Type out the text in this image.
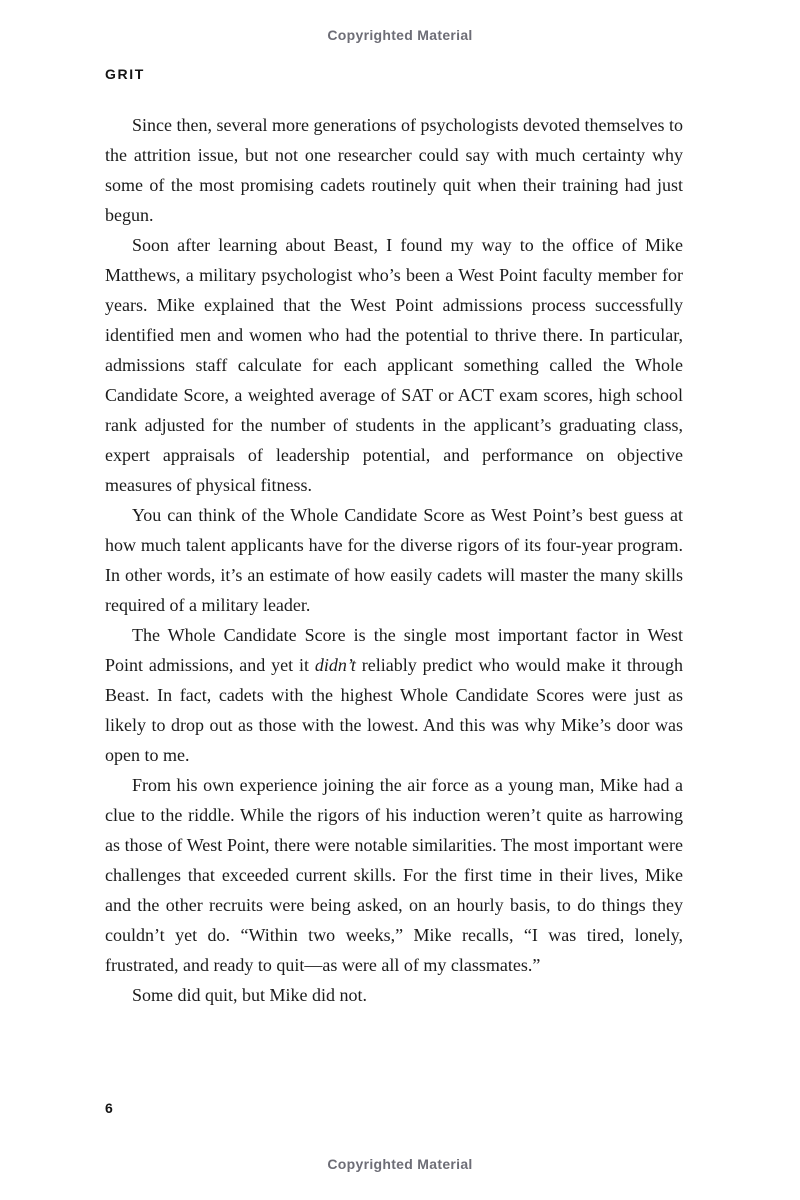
Copyrighted Material
GRIT

Since then, several more generations of psychologists devoted themselves to the attrition issue, but not one researcher could say with much certainty why some of the most promising cadets routinely quit when their training had just begun.

Soon after learning about Beast, I found my way to the office of Mike Matthews, a military psychologist who’s been a West Point faculty member for years. Mike explained that the West Point admissions process successfully identified men and women who had the potential to thrive there. In particular, admissions staff calculate for each applicant something called the Whole Candidate Score, a weighted average of SAT or ACT exam scores, high school rank adjusted for the number of students in the applicant’s graduating class, expert appraisals of leadership potential, and performance on objective measures of physical fitness.

You can think of the Whole Candidate Score as West Point’s best guess at how much talent applicants have for the diverse rigors of its four-year program. In other words, it’s an estimate of how easily cadets will master the many skills required of a military leader.

The Whole Candidate Score is the single most important factor in West Point admissions, and yet it didn’t reliably predict who would make it through Beast. In fact, cadets with the highest Whole Candidate Scores were just as likely to drop out as those with the lowest. And this was why Mike’s door was open to me.

From his own experience joining the air force as a young man, Mike had a clue to the riddle. While the rigors of his induction weren’t quite as harrowing as those of West Point, there were notable similarities. The most important were challenges that exceeded current skills. For the first time in their lives, Mike and the other recruits were being asked, on an hourly basis, to do things they couldn’t yet do. “Within two weeks,” Mike recalls, “I was tired, lonely, frustrated, and ready to quit—as were all of my classmates.”

Some did quit, but Mike did not.

6
Copyrighted Material
